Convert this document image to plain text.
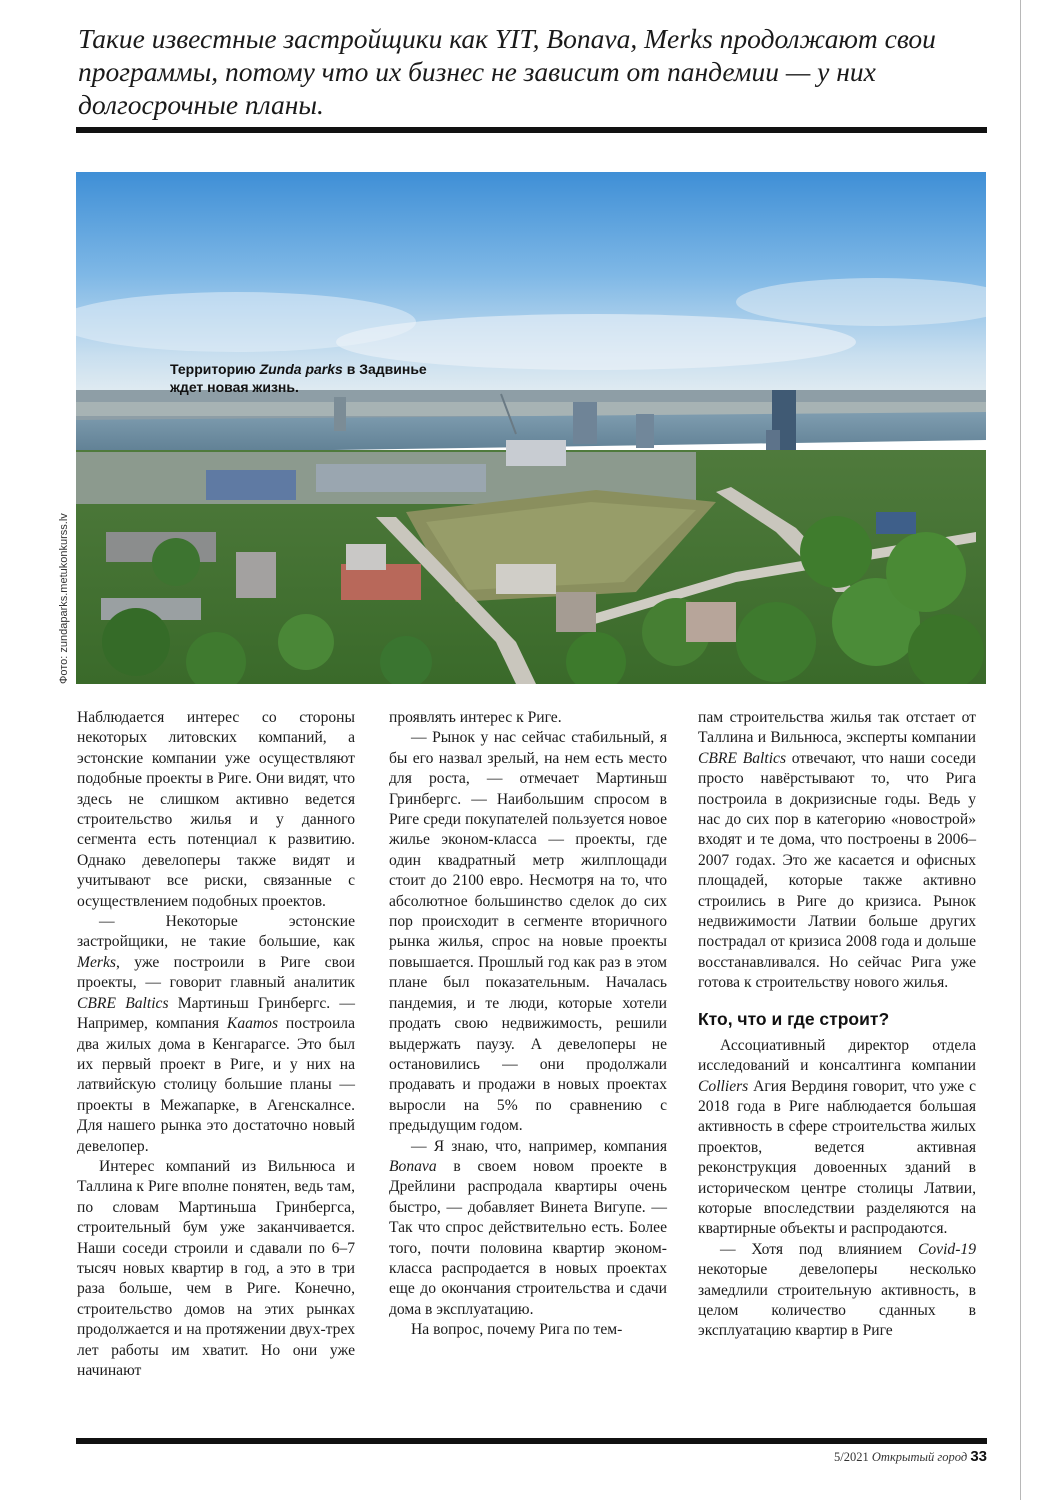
Такие известные застройщики как YIT, Bonava, Merks продолжают свои программы, потому что их бизнес не зависит от пандемии — у них долгосрочные планы.

Территорию Zunda parks в Задвинье ждет новая жизнь.
Фото: zundaparks.metukonkurss.lv

Наблюдается интерес со стороны некоторых литовских компаний, а эстонские компании уже осуществляют подобные проекты в Риге. Они видят, что здесь не слишком активно ведется строительство жилья и у данного сегмента есть потенциал к развитию. Однако девелоперы также видят и учитывают все риски, связанные с осуществлением подобных проектов.

— Некоторые эстонские застройщики, не такие большие, как Merks, уже построили в Риге свои проекты, — говорит главный аналитик CBRE Baltics Мартиньш Гринбергс. — Например, компания Kaamos построила два жилых дома в Кенгарагсе. Это был их первый проект в Риге, и у них на латвийскую столицу большие планы — проекты в Межапарке, в Агенскалнсе. Для нашего рынка это достаточно новый девелопер.

Интерес компаний из Вильнюса и Таллина к Риге вполне понятен, ведь там, по словам Мартиньша Гринбергса, строительный бум уже заканчивается. Наши соседи строили и сдавали по 6–7 тысяч новых квартир в год, а это в три раза больше, чем в Риге. Конечно, строительство домов на этих рынках продолжается и на протяжении двух-трех лет работы им хватит. Но они уже начинают

проявлять интерес к Риге.

— Рынок у нас сейчас стабильный, я бы его назвал зрелый, на нем есть место для роста, — отмечает Мартиньш Гринбергс. — Наибольшим спросом в Риге среди покупателей пользуется новое жилье эконом-класса — проекты, где один квадратный метр жилплощади стоит до 2100 евро. Несмотря на то, что абсолютное большинство сделок до сих пор происходит в сегменте вторичного рынка жилья, спрос на новые проекты повышается. Прошлый год как раз в этом плане был показательным. Началась пандемия, и те люди, которые хотели продать свою недвижимость, решили выдержать паузу. А девелоперы не остановились — они продолжали продавать и продажи в новых проектах выросли на 5% по сравнению с предыдущим годом.

— Я знаю, что, например, компания Bonava в своем новом проекте в Дрейлини распродала квартиры очень быстро, — добавляет Винета Вигупе. — Так что спрос действительно есть. Более того, почти половина квартир эконом-класса распродается в новых проектах еще до окончания строительства и сдачи дома в эксплуатацию.

На вопрос, почему Рига по тем-

пам строительства жилья так отстает от Таллина и Вильнюса, эксперты компании CBRE Baltics отвечают, что наши соседи просто навёрстывают то, что Рига построила в докризисные годы. Ведь у нас до сих пор в категорию «новострой» входят и те дома, что построены в 2006–2007 годах. Это же касается и офисных площадей, которые также активно строились в Риге до кризиса. Рынок недвижимости Латвии больше других пострадал от кризиса 2008 года и дольше восстанавливался. Но сейчас Рига уже готова к строительству нового жилья.

Кто, что и где строит?

Ассоциативный директор отдела исследований и консалтинга компании Colliers Агия Вердиня говорит, что уже с 2018 года в Риге наблюдается большая активность в сфере строительства жилых проектов, ведется активная реконструкция довоенных зданий в историческом центре столицы Латвии, которые впоследствии разделяются на квартирные объекты и распродаются.

— Хотя под влиянием Covid-19 некоторые девелоперы несколько замедлили строительную активность, в целом количество сданных в эксплуатацию квартир в Риге

5/2021 Открытый город 33
